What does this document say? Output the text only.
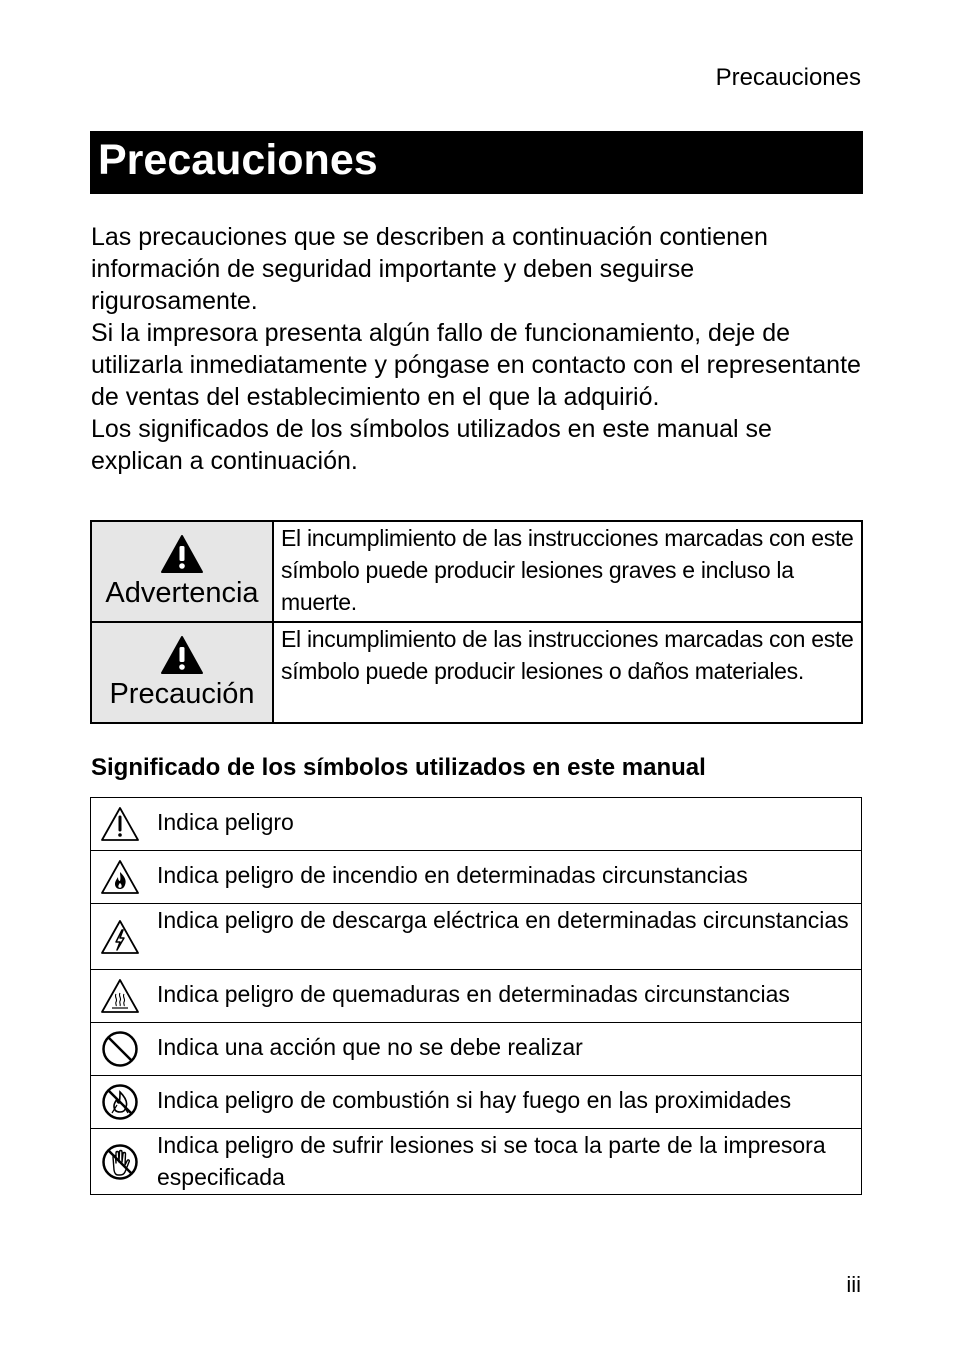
Precauciones
Precauciones

Las precauciones que se describen a continuación contienen información de seguridad importante y deben seguirse rigurosamente.

Si la impresora presenta algún fallo de funcionamiento, deje de utilizarla inmediatamente y póngase en contacto con el representante de ventas del establecimiento en el que la adquirió.

Los significados de los símbolos utilizados en este manual se explican a continuación.

Advertencia	El incumplimiento de las instrucciones marcadas con este símbolo puede producir lesiones graves e incluso la muerte.

Precaución	El incumplimiento de las instrucciones marcadas con este símbolo puede producir lesiones o daños materiales.
Significado de los símbolos utilizados en este manual
	Indica peligro

	Indica peligro de incendio en determinadas circunstancias

	Indica peligro de descarga eléctrica en determinadas circunstancias

	Indica peligro de quemaduras en determinadas circunstancias

	Indica una acción que no se debe realizar

	Indica peligro de combustión si hay fuego en las proximidades

	Indica peligro de sufrir lesiones si se toca la parte de la impresora especificada
iii
